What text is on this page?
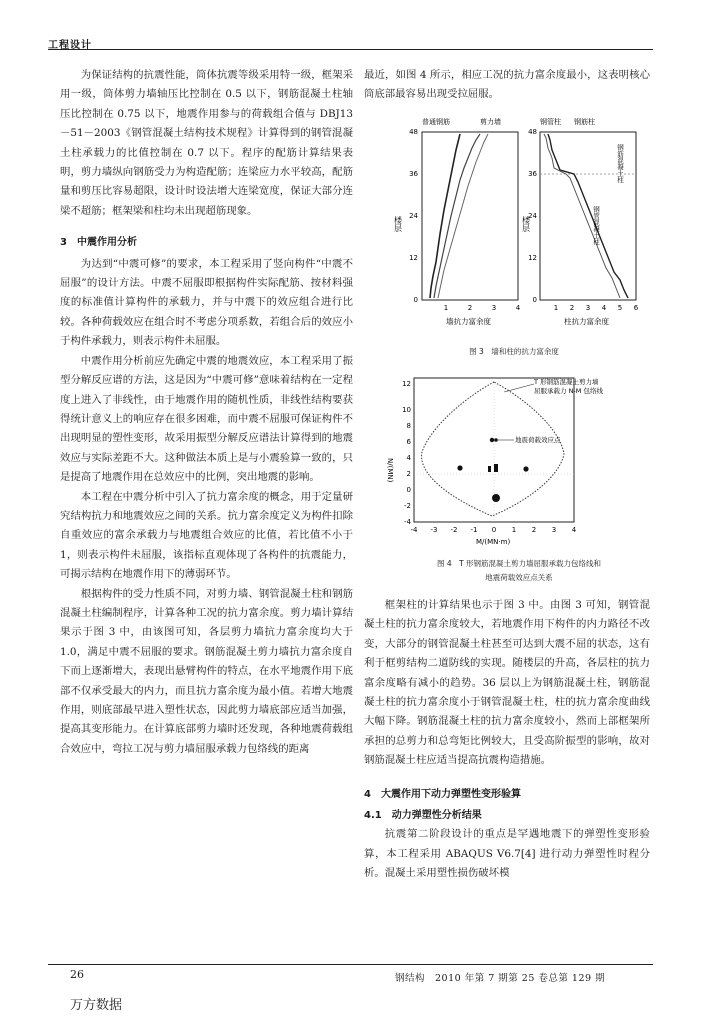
工程设计

为保证结构的抗震性能，筒体抗震等级采用特一级，框架采用一级，筒体剪力墙轴压比控制在 0.5 以下，钢筋混凝土柱轴压比控制在 0.75 以下，地震作用参与的荷载组合值与 DBJ13－51－2003《钢管混凝土结构技术规程》计算得到的钢管混凝土柱承载力的比值控制在 0.7 以下。程序的配筋计算结果表明，剪力墙纵向钢筋受力为构造配筋；连梁应力水平较高，配筋量和剪压比容易超限，设计时设法增大连梁宽度，保证大部分连梁不超筋；框架梁和柱均未出现超筋现象。

3　中震作用分析

为达到“中震可修”的要求，本工程采用了竖向构件“中震不屈服”的设计方法。中震不屈服即根据构件实际配筋、按材料强度的标准值计算构件的承载力，并与中震下的效应组合进行比较。各种荷载效应在组合时不考虑分项系数，若组合后的效应小于构件承载力，则表示构件未屈服。

中震作用分析前应先确定中震的地震效应，本工程采用了振型分解反应谱的方法，这是因为“中震可修”意味着结构在一定程度上进入了非线性，由于地震作用的随机性质，非线性结构要获得统计意义上的响应存在很多困难，而中震不屈服可保证构件不出现明显的塑性变形，故采用振型分解反应谱法计算得到的地震效应与实际差距不大。这种做法本质上是与小震验算一致的，只是提高了地震作用在总效应中的比例，突出地震的影响。

本工程在中震分析中引入了抗力富余度的概念，用于定量研究结构抗力和地震效应之间的关系。抗力富余度定义为构件扣除自重效应的富余承载力与地震组合效应的比值，若比值不小于 1，则表示构件未屈服，该指标直观体现了各构件的抗震能力，可揭示结构在地震作用下的薄弱环节。

根据构件的受力性质不同，对剪力墙、钢管混凝土柱和钢筋混凝土柱编制程序，计算各种工况的抗力富余度。剪力墙计算结果示于图 3 中，由该图可知，各层剪力墙抗力富余度均大于 1.0，满足中震不屈服的要求。钢筋混凝土剪力墙抗力富余度自下而上逐渐增大，表现出悬臂构件的特点，在水平地震作用下底部不仅承受最大的内力，而且抗力富余度为最小值。若增大地震作用，则底部最早进入塑性状态，因此剪力墙底部应适当加强，提高其变形能力。在计算底部剪力墙时还发现，各种地震荷载组合效应中，弯拉工况与剪力墙屈服承载力包络线的距离

最近，如图 4 所示，相应工况的抗力富余度最小，这表明核心筒底部最容易出现受拉屈服。

普通钢筋	剪力墙
楼层
墙抗力富余度
0
12
24
36
48
1	2	3	4
钢管柱 钢筋柱
楼层
柱抗力富余度
0
12
24
36
48
1 2 3 4 5 6
钢筋混凝土柱
钢管混凝土柱
图 3　墙和柱的抗力富余度
N/(MN)
M/(MN·m)
-4
-2
0
2
4
6
8
10
12
-4 -3 -2 -1 0 1 2 3 4
T 形钢筋混凝土剪力墙
屈服承载力 N-M 包络线
地震荷载效应点
图 4　T 形钢筋混凝土剪力墙屈服承载力包络线和
地震荷载效应点关系

框架柱的计算结果也示于图 3 中。由图 3 可知，钢管混凝土柱的抗力富余度较大，若地震作用下构件的内力路径不改变，大部分的钢管混凝土柱甚至可达到大震不屈的状态，这有利于框剪结构二道防线的实现。随楼层的升高，各层柱的抗力富余度略有减小的趋势。36 层以上为钢筋混凝土柱，钢筋混凝土柱的抗力富余度小于钢管混凝土柱，柱的抗力富余度曲线大幅下降。钢筋混凝土柱的抗力富余度较小，然而上部框架所承担的总剪力和总弯矩比例较大，且受高阶振型的影响，故对钢筋混凝土柱应适当提高抗震构造措施。

4　大震作用下动力弹塑性变形验算

4.1　动力弹塑性分析结果

抗震第二阶段设计的重点是罕遇地震下的弹塑性变形验算，本工程采用 ABAQUS V6.7[4] 进行动力弹塑性时程分析。混凝土采用塑性损伤破坏模

26	钢结构　2010 年第 7 期第 25 卷总第 129 期
万方数据
